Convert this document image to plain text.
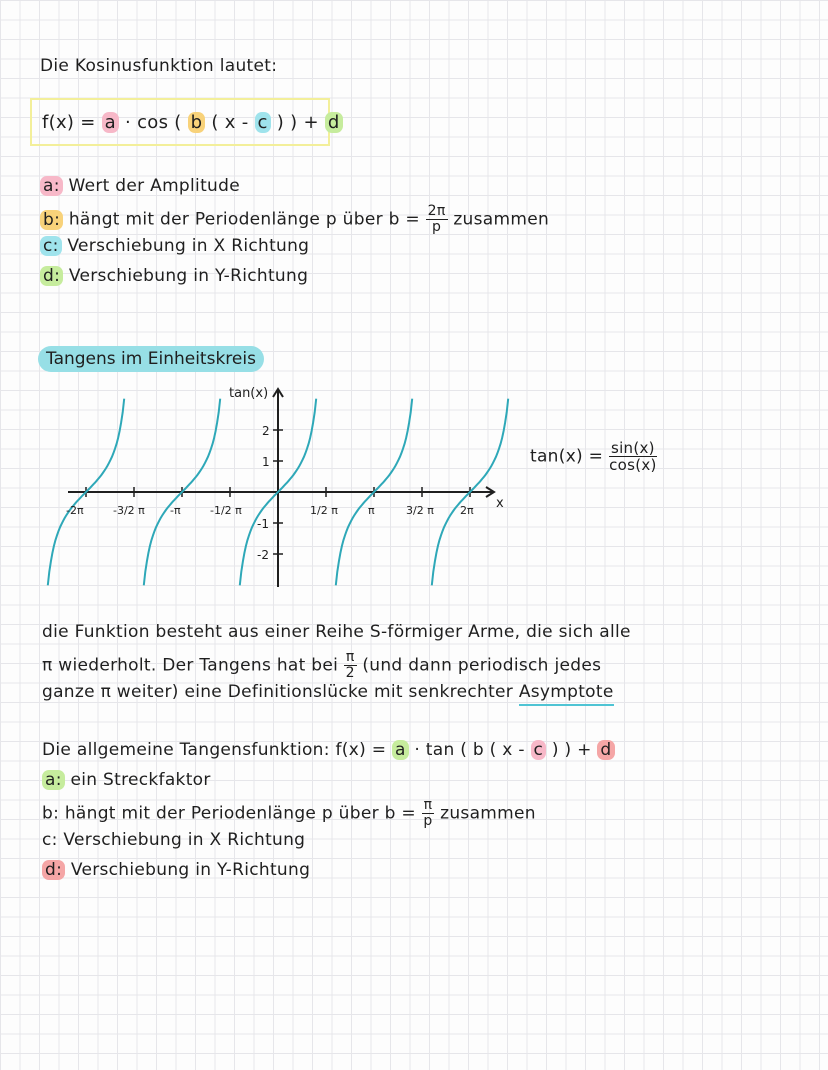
Die Kosinusfunktion lautet:
f(x) = a · cos ( b ( x - c ) ) + d
a: Wert der Amplitude
b: hängt mit der Periodenlänge p über $b = \frac{2\pi}{p}$ zusammen
c: Verschiebung in X Richtung
d: Verschiebung in Y-Richtung
Tangens im Einheitskreis
tan(x)
x
2
1
-1
-2
-2π	-3/2 π -π	-1/2 π	1/2 π	π	3/2 π 2π
$\tan(x) = \frac{\sin(x)}{\cos(x)}$
die Funktion besteht aus einer Reihe S-förmiger Arme, die sich alle
π wiederholt. Der Tangens hat bei $\frac{\pi}{2} (und$ dann periodisch jedes
ganze π weiter) eine Definitionslücke mit senkrechter Asymptote
Die allgemeine Tangensfunktion: f(x) = a · tan ( b ( x - c ) ) + d
a: ein Streckfaktor
b: hängt mit der Periodenlänge p über $b = \frac{\pi}{p}$ zusammen
c: Verschiebung in X Richtung
d: Verschiebung in Y-Richtung
